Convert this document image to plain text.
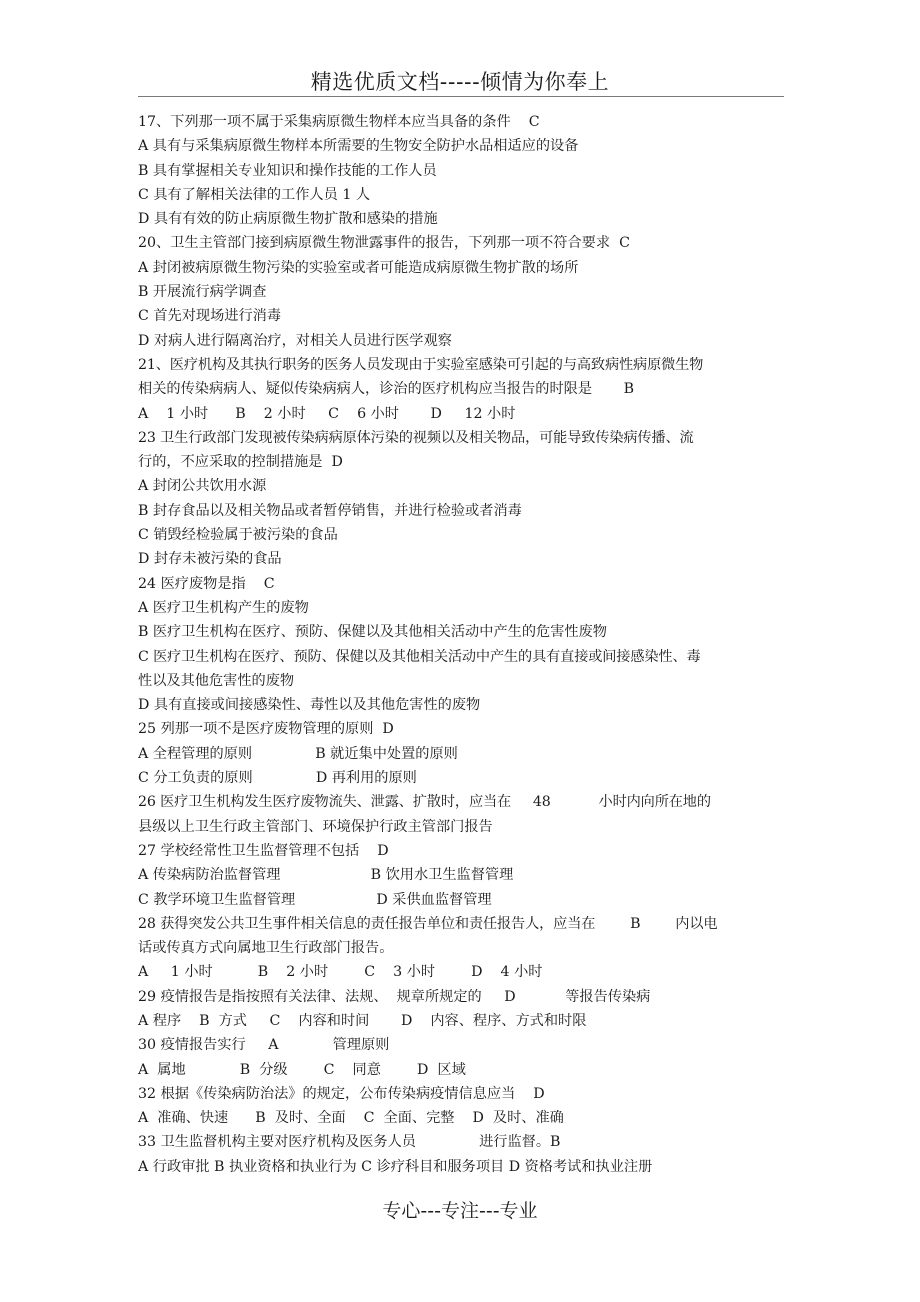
精选优质文档-----倾情为你奉上
17、下列那一项不属于采集病原微生物样本应当具备的条件    C
A 具有与采集病原微生物样本所需要的生物安全防护水品相适应的设备
B 具有掌握相关专业知识和操作技能的工作人员
C 具有了解相关法律的工作人员 1 人
D 具有有效的防止病原微生物扩散和感染的措施
20、卫生主管部门接到病原微生物泄露事件的报告，下列那一项不符合要求  C
A 封闭被病原微生物污染的实验室或者可能造成病原微生物扩散的场所
B 开展流行病学调查
C 首先对现场进行消毒
D 对病人进行隔离治疗，对相关人员进行医学观察
21、医疗机构及其执行职务的医务人员发现由于实验室感染可引起的与高致病性病原微生物
相关的传染病病人、疑似传染病病人，诊治的医疗机构应当报告的时限是       B
A    1 小时      B    2 小时     C    6 小时       D     12 小时
23 卫生行政部门发现被传染病病原体污染的视频以及相关物品，可能导致传染病传播、流
行的，不应采取的控制措施是  D
A 封闭公共饮用水源
B 封存食品以及相关物品或者暂停销售，并进行检验或者消毒
C 销毁经检验属于被污染的食品
D 封存未被污染的食品
24 医疗废物是指    C
A 医疗卫生机构产生的废物
B 医疗卫生机构在医疗、预防、保健以及其他相关活动中产生的危害性废物
C 医疗卫生机构在医疗、预防、保健以及其他相关活动中产生的具有直接或间接感染性、毒
性以及其他危害性的废物
D 具有直接或间接感染性、毒性以及其他危害性的废物
25 列那一项不是医疗废物管理的原则  D
A 全程管理的原则              B 就近集中处置的原则
C 分工负责的原则              D 再利用的原则
26 医疗卫生机构发生医疗废物流失、泄露、扩散时，应当在     48           小时内向所在地的
县级以上卫生行政主管部门、环境保护行政主管部门报告
27 学校经常性卫生监督管理不包括    D
A 传染病防治监督管理                    B 饮用水卫生监督管理
C 教学环境卫生监督管理                  D 采供血监督管理
28 获得突发公共卫生事件相关信息的责任报告单位和责任报告人，应当在        B        内以电
话或传真方式向属地卫生行政部门报告。
A     1 小时          B    2 小时        C    3 小时        D    4 小时
29 疫情报告是指按照有关法律、法规、  规章所规定的     D           等报告传染病
A 程序    B  方式     C    内容和时间       D    内容、程序、方式和时限
30 疫情报告实行     A            管理原则
A  属地            B  分级        C    同意        D  区域
32 根据《传染病防治法》的规定，公布传染病疫情信息应当    D
A  准确、快速      B  及时、全面    C  全面、完整    D  及时、准确
33 卫生监督机构主要对医疗机构及医务人员              进行监督。B
A 行政审批 B 执业资格和执业行为 C 诊疗科目和服务项目 D 资格考试和执业注册
专心---专注---专业
